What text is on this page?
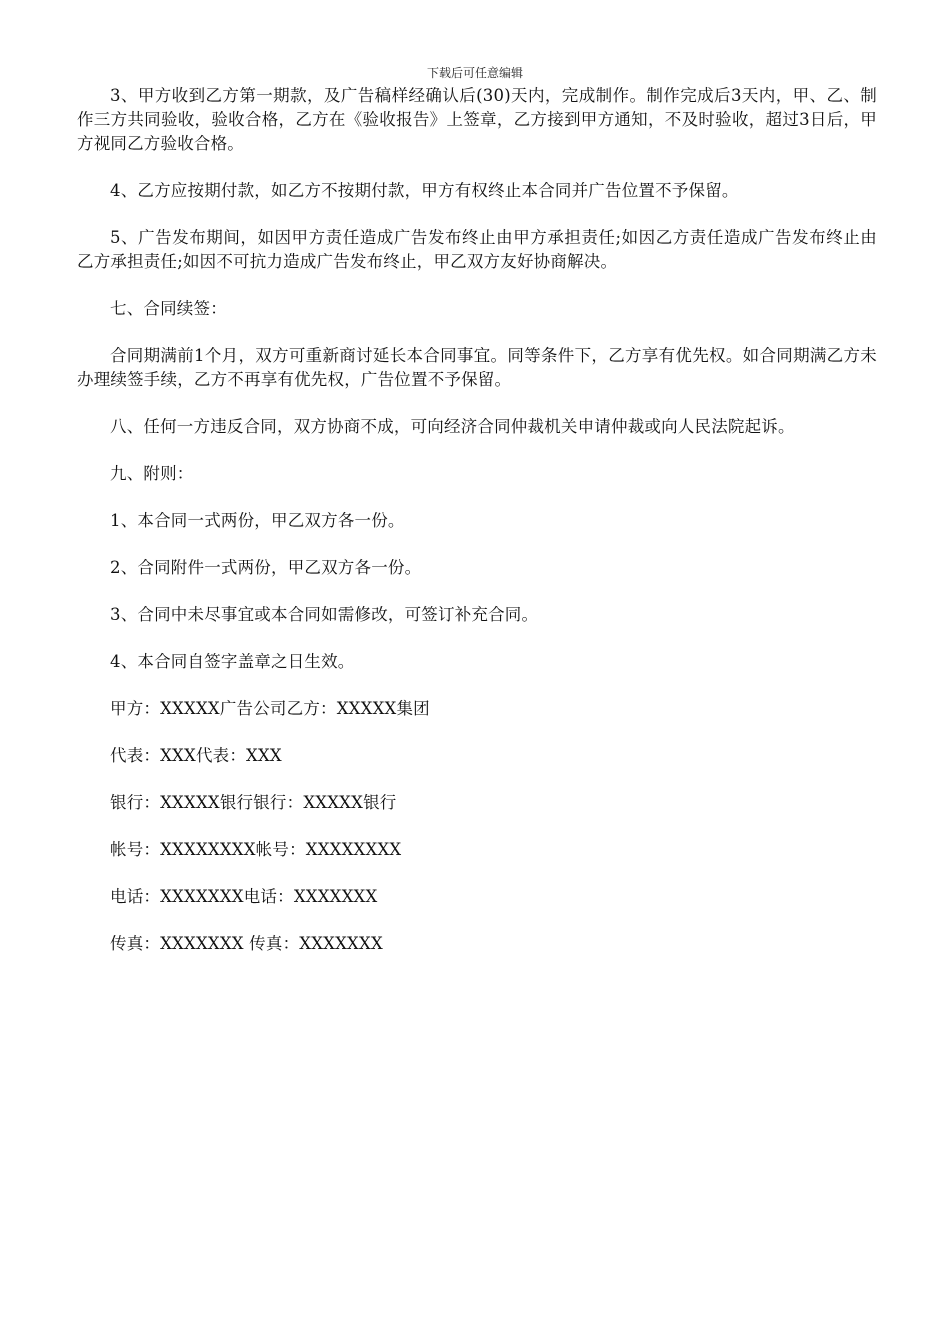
下载后可任意编辑

3、甲方收到乙方第一期款，及广告稿样经确认后(30)天内，完成制作。制作完成后3天内，甲、乙、制作三方共同验收，验收合格，乙方在《验收报告》上签章，乙方接到甲方通知，不及时验收，超过3日后，甲方视同乙方验收合格。

4、乙方应按期付款，如乙方不按期付款，甲方有权终止本合同并广告位置不予保留。

5、广告发布期间，如因甲方责任造成广告发布终止由甲方承担责任;如因乙方责任造成广告发布终止由乙方承担责任;如因不可抗力造成广告发布终止，甲乙双方友好协商解决。

七、合同续签：

合同期满前1个月，双方可重新商讨延长本合同事宜。同等条件下，乙方享有优先权。如合同期满乙方未办理续签手续，乙方不再享有优先权，广告位置不予保留。

八、任何一方违反合同，双方协商不成，可向经济合同仲裁机关申请仲裁或向人民法院起诉。

九、附则：

1、本合同一式两份，甲乙双方各一份。

2、合同附件一式两份，甲乙双方各一份。

3、合同中未尽事宜或本合同如需修改，可签订补充合同。

4、本合同自签字盖章之日生效。

甲方：XXXXX广告公司乙方：XXXXX集团

代表：XXX代表：XXX

银行：XXXXX银行银行：XXXXX银行

帐号：XXXXXXXX帐号：XXXXXXXX

电话：XXXXXXX电话：XXXXXXX

传真：XXXXXXX 传真：XXXXXXX
